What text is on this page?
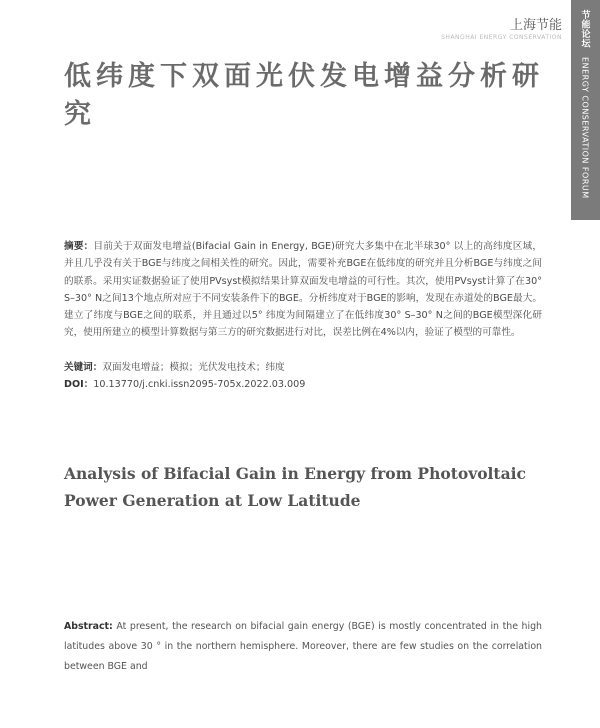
节能论坛 ENERGY CONSERVATION FORUM
上海节能
SHANGHAI ENERGY CONSERVATION
低纬度下双面光伏发电增益分析研究

摘要：目前关于双面发电增益(Bifacial Gain in Energy, BGE)研究大多集中在北半球30° 以上的高纬度区域，并且几乎没有关于BGE与纬度之间相关性的研究。因此，需要补充BGE在低纬度的研究并且分析BGE与纬度之间的联系。采用实证数据验证了使用PVsyst模拟结果计算双面发电增益的可行性。其次，使用PVsyst计算了在30° S–30° N之间13个地点所对应于不同安装条件下的BGE。分析纬度对于BGE的影响，发现在赤道处的BGE最大。建立了纬度与BGE之间的联系，并且通过以5° 纬度为间隔建立了在低纬度30° S–30° N之间的BGE模型深化研究，使用所建立的模型计算数据与第三方的研究数据进行对比，误差比例在4%以内，验证了模型的可靠性。

关键词：双面发电增益；模拟；光伏发电技术；纬度
DOI：10.13770/j.cnki.issn2095-705x.2022.03.009
Analysis of Bifacial Gain in Energy from Photovoltaic Power Generation at Low Latitude

Abstract: At present, the research on bifacial gain energy (BGE) is mostly concentrated in the high latitudes above 30 ° in the northern hemisphere. Moreover, there are few studies on the correlation between BGE and
